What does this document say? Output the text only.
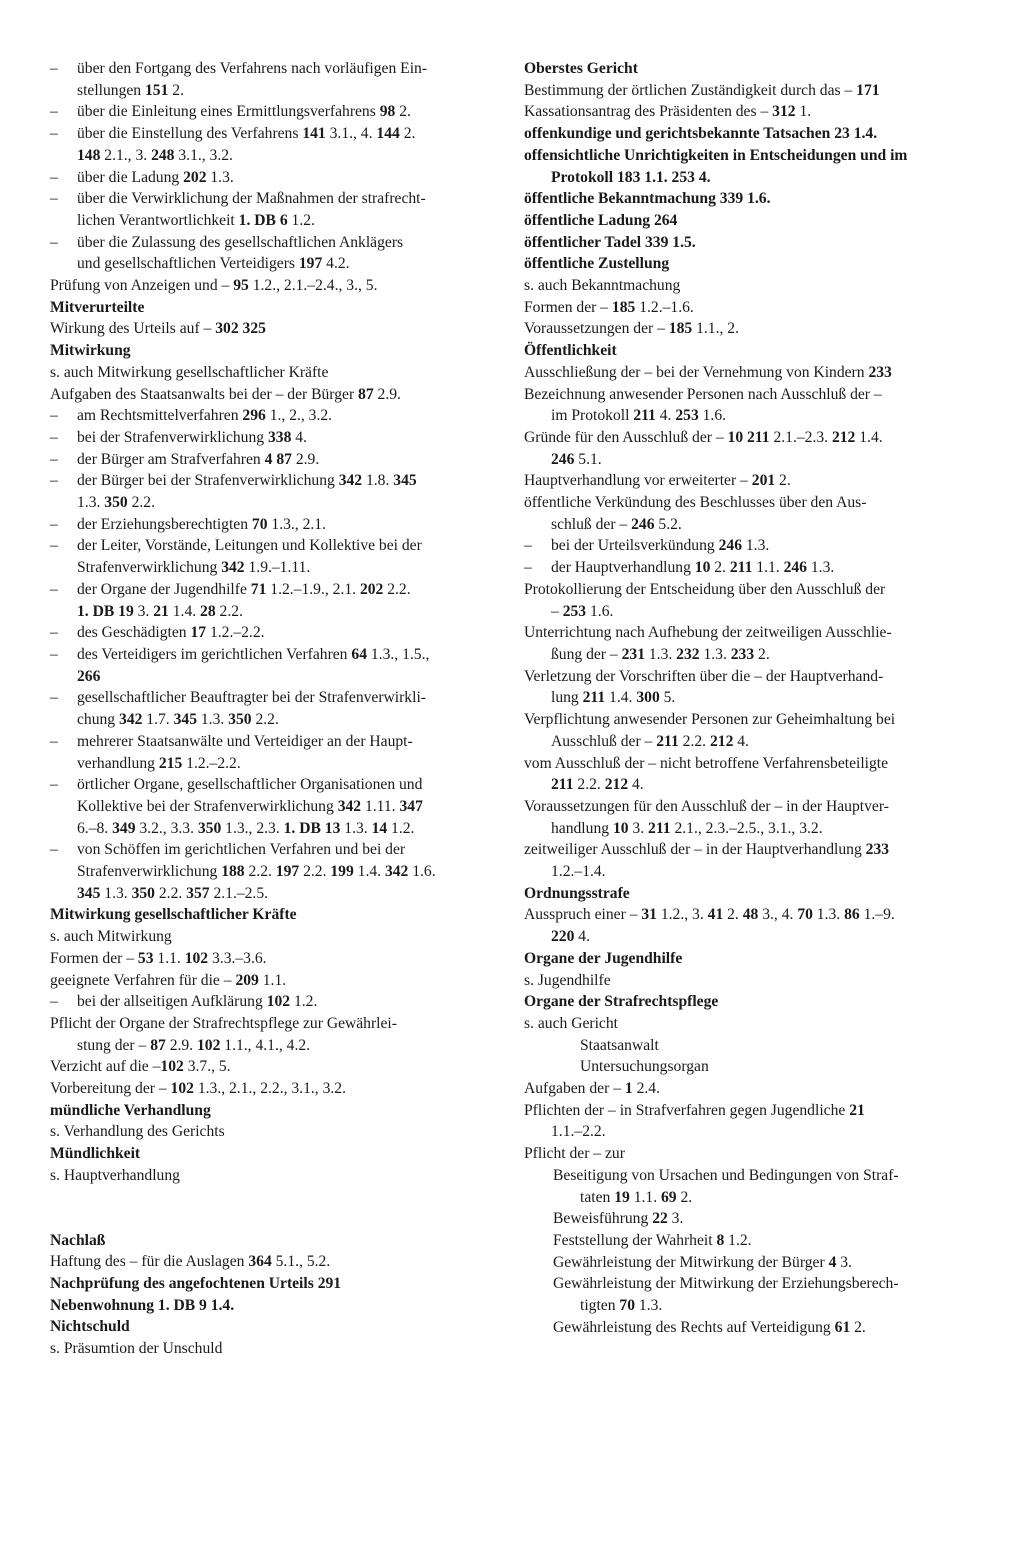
– über den Fortgang des Verfahrens nach vorläufigen Ein-
stellungen 151 2.
– über die Einleitung eines Ermittlungsverfahrens 98 2.
– über die Einstellung des Verfahrens 141 3.1., 4. 144 2.
148 2.1., 3. 248 3.1., 3.2.
– über die Ladung 202 1.3.
– über die Verwirklichung der Maßnahmen der strafrecht-
lichen Verantwortlichkeit 1. DB 6 1.2.
– über die Zulassung des gesellschaftlichen Anklägers
und gesellschaftlichen Verteidigers 197 4.2.
Prüfung von Anzeigen und – 95 1.2., 2.1.–2.4., 3., 5.
Mitverurteilte
Wirkung des Urteils auf – 302 325
Mitwirkung
s. auch Mitwirkung gesellschaftlicher Kräfte
Aufgaben des Staatsanwalts bei der – der Bürger 87 2.9.
– am Rechtsmittelverfahren 296 1., 2., 3.2.
– bei der Strafenverwirklichung 338 4.
– der Bürger am Strafverfahren 4 87 2.9.
– der Bürger bei der Strafenverwirklichung 342 1.8. 345
1.3. 350 2.2.
– der Erziehungsberechtigten 70 1.3., 2.1.
– der Leiter, Vorstände, Leitungen und Kollektive bei der
Strafenverwirklichung 342 1.9.–1.11.
– der Organe der Jugendhilfe 71 1.2.–1.9., 2.1. 202 2.2.
1. DB 19 3. 21 1.4. 28 2.2.
– des Geschädigten 17 1.2.–2.2.
– des Verteidigers im gerichtlichen Verfahren 64 1.3., 1.5.,
266
– gesellschaftlicher Beauftragter bei der Strafenverwirkli-
chung 342 1.7. 345 1.3. 350 2.2.
– mehrerer Staatsanwälte und Verteidiger an der Haupt-
verhandlung 215 1.2.–2.2.
– örtlicher Organe, gesellschaftlicher Organisationen und
Kollektive bei der Strafenverwirklichung 342 1.11. 347
6.–8. 349 3.2., 3.3. 350 1.3., 2.3. 1. DB 13 1.3. 14 1.2.
– von Schöffen im gerichtlichen Verfahren und bei der
Strafenverwirklichung 188 2.2. 197 2.2. 199 1.4. 342 1.6.
345 1.3. 350 2.2. 357 2.1.–2.5.
Mitwirkung gesellschaftlicher Kräfte
s. auch Mitwirkung
Formen der – 53 1.1. 102 3.3.–3.6.
geeignete Verfahren für die – 209 1.1.
– bei der allseitigen Aufklärung 102 1.2.
Pflicht der Organe der Strafrechtspflege zur Gewährlei-
stung der – 87 2.9. 102 1.1., 4.1., 4.2.
Verzicht auf die –102 3.7., 5.
Vorbereitung der – 102 1.3., 2.1., 2.2., 3.1., 3.2.
mündliche Verhandlung
s. Verhandlung des Gerichts
Mündlichkeit
s. Hauptverhandlung
Nachlaß
Haftung des – für die Auslagen 364 5.1., 5.2.
Nachprüfung des angefochtenen Urteils 291
Nebenwohnung 1. DB 9 1.4.
Nichtschuld
s. Präsumtion der Unschuld
Oberstes Gericht
Bestimmung der örtlichen Zuständigkeit durch das – 171
Kassationsantrag des Präsidenten des – 312 1.
offenkundige und gerichtsbekannte Tatsachen 23 1.4.
offensichtliche Unrichtigkeiten in Entscheidungen und im
Protokoll 183 1.1. 253 4.
öffentliche Bekanntmachung 339 1.6.
öffentliche Ladung 264
öffentlicher Tadel 339 1.5.
öffentliche Zustellung
s. auch Bekanntmachung
Formen der – 185 1.2.–1.6.
Voraussetzungen der – 185 1.1., 2.
Öffentlichkeit
Ausschließung der – bei der Vernehmung von Kindern 233
Bezeichnung anwesender Personen nach Ausschluß der –
im Protokoll 211 4. 253 1.6.
Gründe für den Ausschluß der – 10 211 2.1.–2.3. 212 1.4.
246 5.1.
Hauptverhandlung vor erweiterter – 201 2.
öffentliche Verkündung des Beschlusses über den Aus-
schluß der – 246 5.2.
– bei der Urteilsverkündung 246 1.3.
– der Hauptverhandlung 10 2. 211 1.1. 246 1.3.
Protokollierung der Entscheidung über den Ausschluß der
– 253 1.6.
Unterrichtung nach Aufhebung der zeitweiligen Ausschlie-
ßung der – 231 1.3. 232 1.3. 233 2.
Verletzung der Vorschriften über die – der Hauptverhand-
lung 211 1.4. 300 5.
Verpflichtung anwesender Personen zur Geheimhaltung bei
Ausschluß der – 211 2.2. 212 4.
vom Ausschluß der – nicht betroffene Verfahrensbeteiligte
211 2.2. 212 4.
Voraussetzungen für den Ausschluß der – in der Hauptver-
handlung 10 3. 211 2.1., 2.3.–2.5., 3.1., 3.2.
zeitweiliger Ausschluß der – in der Hauptverhandlung 233
1.2.–1.4.
Ordnungsstrafe
Ausspruch einer – 31 1.2., 3. 41 2. 48 3., 4. 70 1.3. 86 1.–9.
220 4.
Organe der Jugendhilfe
s. Jugendhilfe
Organe der Strafrechtspflege
s. auch Gericht
Staatsanwalt
Untersuchungsorgan
Aufgaben der – 1 2.4.
Pflichten der – in Strafverfahren gegen Jugendliche 21
1.1.–2.2.
Pflicht der – zur
Beseitigung von Ursachen und Bedingungen von Straf-
taten 19 1.1. 69 2.
Beweisführung 22 3.
Feststellung der Wahrheit 8 1.2.
Gewährleistung der Mitwirkung der Bürger 4 3.
Gewährleistung der Mitwirkung der Erziehungsberech-
tigten 70 1.3.
Gewährleistung des Rechts auf Verteidigung 61 2.
